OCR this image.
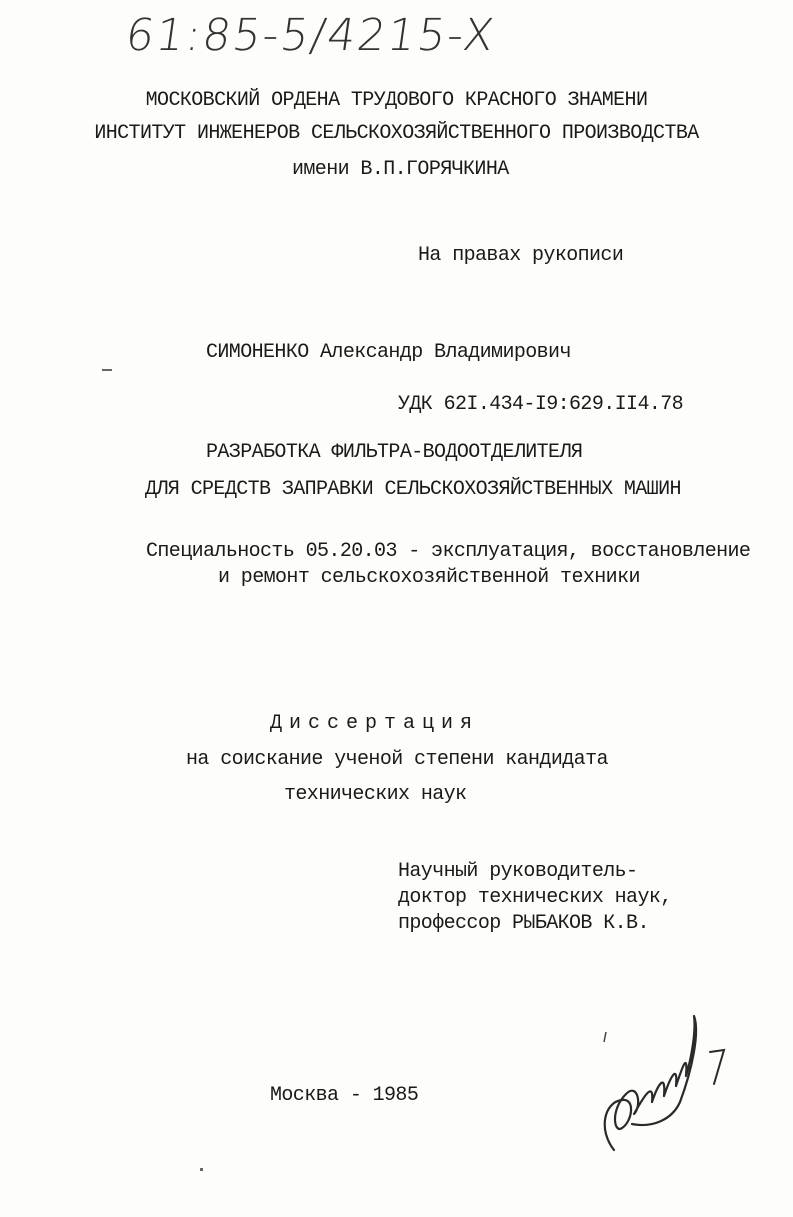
61:85-5/4215-X
МОСКОВСКИЙ ОРДЕНА ТРУДОВОГО КРАСНОГО ЗНАМЕНИ
ИНСТИТУТ ИНЖЕНЕРОВ СЕЛЬСКОХОЗЯЙСТВЕННОГО ПРОИЗВОДСТВА
имени В.П.ГОРЯЧКИНА
На правах рукописи
СИМОНЕНКО Александр Владимирович
УДК 62I.434-I9:629.II4.78
РАЗРАБОТКА ФИЛЬТРА-ВОДООТДЕЛИТЕЛЯ
ДЛЯ СРЕДСТВ ЗАПРАВКИ СЕЛЬСКОХОЗЯЙСТВЕННЫХ МАШИН
Специальность 05.20.03 - эксплуатация, восстановление
и ремонт сельскохозяйственной техники
Диссертация
на соискание ученой степени кандидата
технических наук
Научный руководитель-
доктор технических наук,
профессор РЫБАКОВ К.В.
Москва - 1985
